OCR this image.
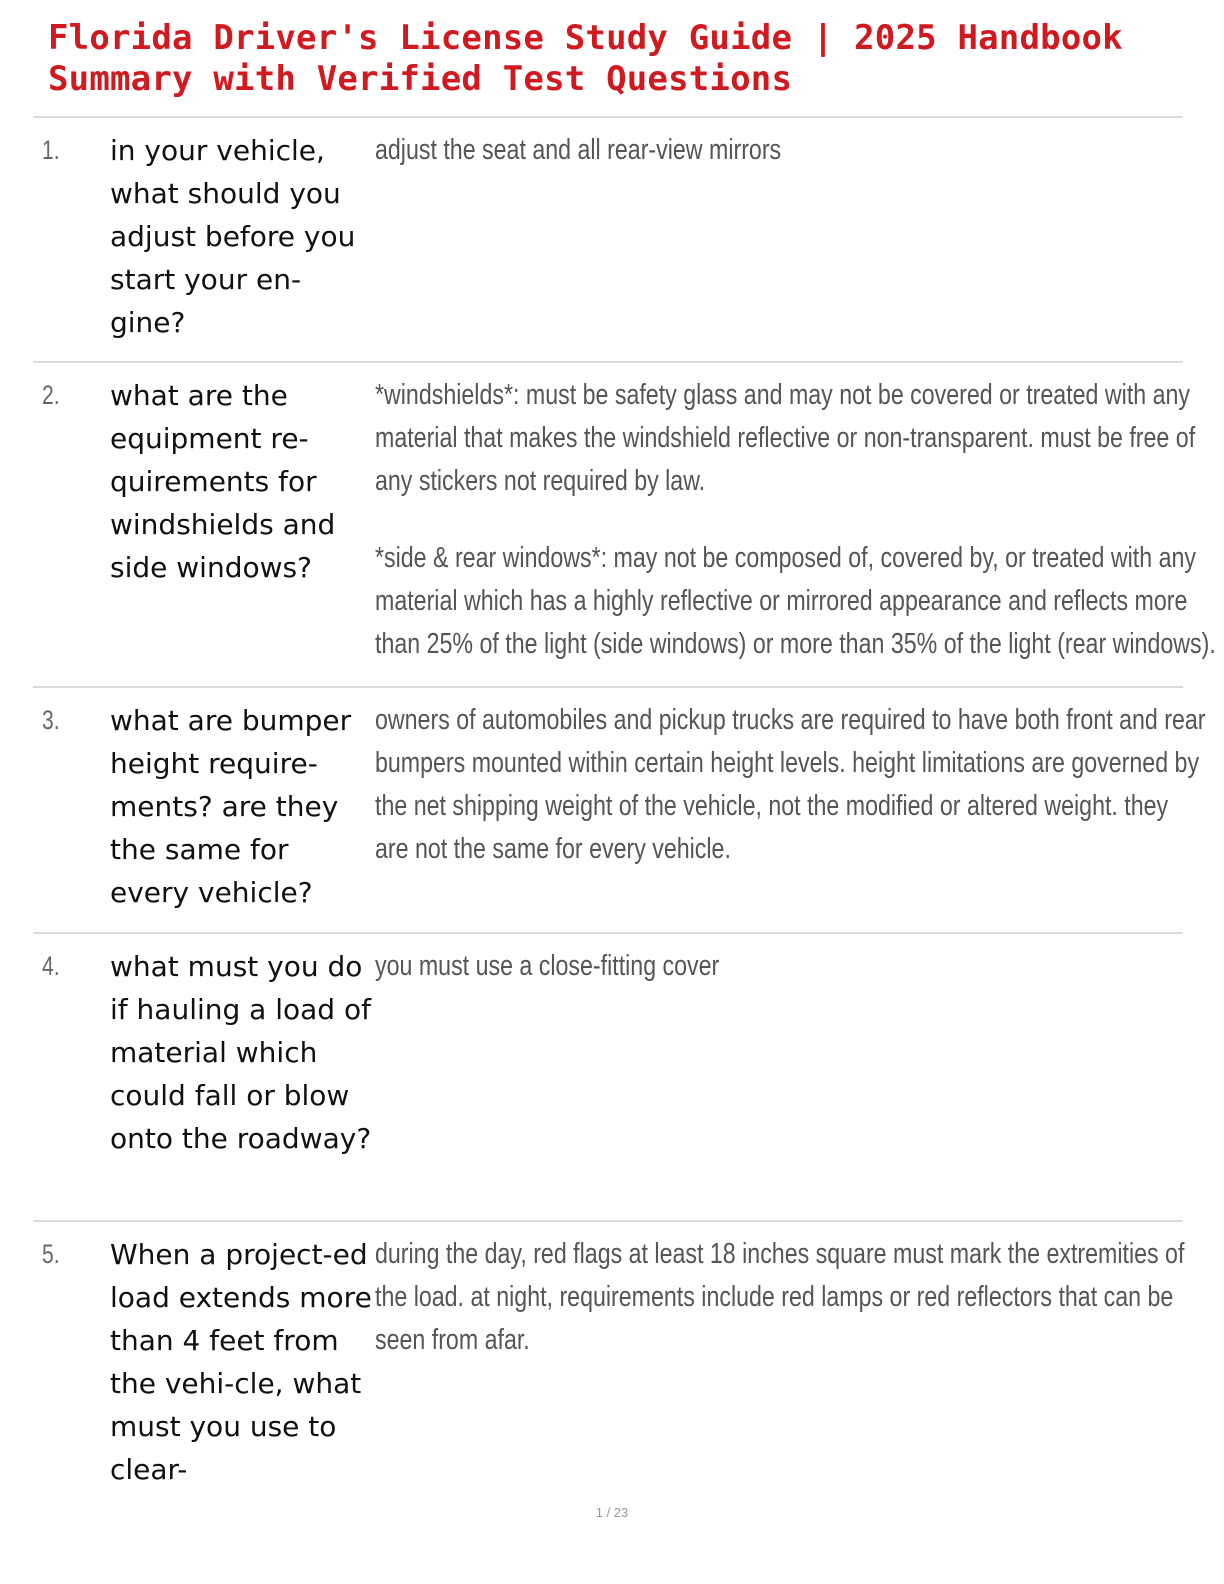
Florida Driver's License Study Guide | 2025 Handbook
Summary with Verified Test Questions
1. in your vehicle, what should you adjust before you start your en-gine?
adjust the seat and all rear-view mirrors
2. what are the equipment re-quirements for windshields and side windows?
*windshields*: must be safety glass and may not be covered or treated with any
material that makes the windshield reflective or non-transparent. must be free of
any stickers not required by law.
*side & rear windows*: may not be composed of, covered by, or treated with any
material which has a highly reflective or mirrored appearance and reflects more
than 25% of the light (side windows) or more than 35% of the light (rear windows).
3. what are bumper height require-ments? are they the same for every vehicle?
owners of automobiles and pickup trucks are required to have both front and rear
bumpers mounted within certain height levels. height limitations are governed by
the net shipping weight of the vehicle, not the modified or altered weight. they
are not the same for every vehicle.
4. what must you do if hauling a load of material which could fall or blow onto the roadway?
you must use a close-fitting cover
5. When a project-ed load extends more than 4 feet from the vehi-cle, what must you use to clear-
during the day, red flags at least 18 inches square must mark the extremities of
the load. at night, requirements include red lamps or red reflectors that can be
seen from afar.
1 / 23
